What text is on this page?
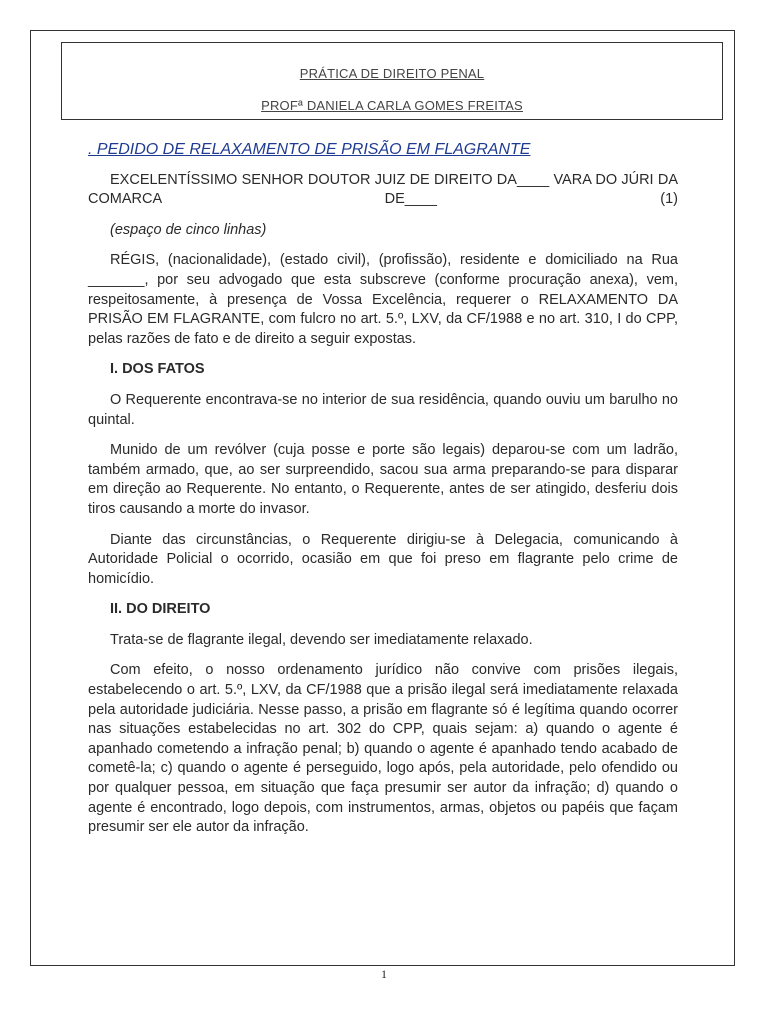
PRÁTICA DE DIREITO PENAL
PROFª DANIELA CARLA GOMES FREITAS
. PEDIDO DE RELAXAMENTO DE PRISÃO EM FLAGRANTE

EXCELENTÍSSIMO SENHOR DOUTOR JUIZ DE DIREITO DA____ VARA DO JÚRI DA COMARCA DE____ (1)

(espaço de cinco linhas)

RÉGIS, (nacionalidade), (estado civil), (profissão), residente e domiciliado na Rua _______, por seu advogado que esta subscreve (conforme procuração anexa), vem, respeitosamente, à presença de Vossa Excelência, requerer o RELAXAMENTO DA PRISÃO EM FLAGRANTE, com fulcro no art. 5.º, LXV, da CF/1988 e no art. 310, I do CPP, pelas razões de fato e de direito a seguir expostas.

I. DOS FATOS

O Requerente encontrava-se no interior de sua residência, quando ouviu um barulho no quintal.

Munido de um revólver (cuja posse e porte são legais) deparou-se com um ladrão, também armado, que, ao ser surpreendido, sacou sua arma preparando-se para disparar em direção ao Requerente. No entanto, o Requerente, antes de ser atingido, desferiu dois tiros causando a morte do invasor.

Diante das circunstâncias, o Requerente dirigiu-se à Delegacia, comunicando à Autoridade Policial o ocorrido, ocasião em que foi preso em flagrante pelo crime de homicídio.

II. DO DIREITO

Trata-se de flagrante ilegal, devendo ser imediatamente relaxado.

Com efeito, o nosso ordenamento jurídico não convive com prisões ilegais, estabelecendo o art. 5.º, LXV, da CF/1988 que a prisão ilegal será imediatamente relaxada pela autoridade judiciária. Nesse passo, a prisão em flagrante só é legítima quando ocorrer nas situações estabelecidas no art. 302 do CPP, quais sejam: a) quando o agente é apanhado cometendo a infração penal; b) quando o agente é apanhado tendo acabado de cometê-la; c) quando o agente é perseguido, logo após, pela autoridade, pelo ofendido ou por qualquer pessoa, em situação que faça presumir ser autor da infração; d) quando o agente é encontrado, logo depois, com instrumentos, armas, objetos ou papéis que façam presumir ser ele autor da infração.

1
